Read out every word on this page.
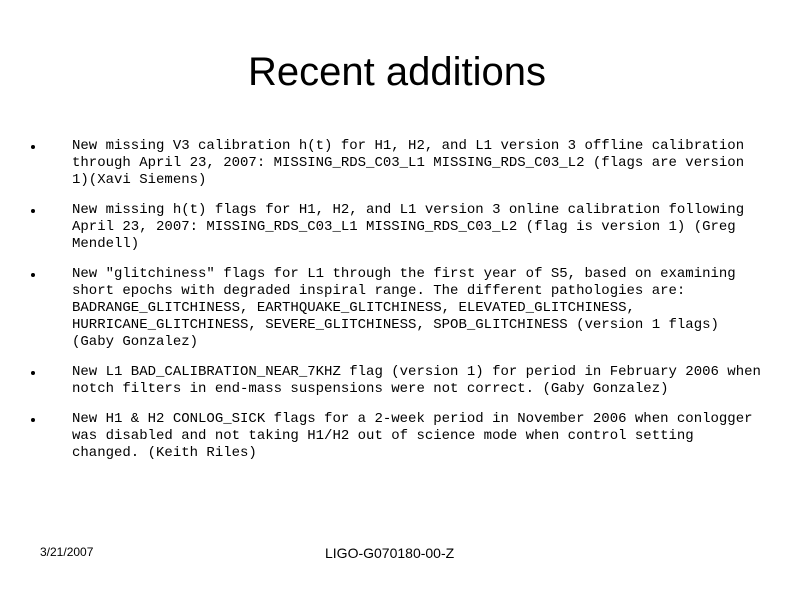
Recent additions
New missing V3 calibration h(t) for H1, H2, and L1 version 3 offline calibration through April 23, 2007: MISSING_RDS_C03_L1 MISSING_RDS_C03_L2 (flags are version 1)(Xavi Siemens)
New missing h(t) flags for H1, H2, and L1 version 3 online calibration following April 23, 2007: MISSING_RDS_C03_L1 MISSING_RDS_C03_L2 (flag is version 1) (Greg Mendell)
New "glitchiness" flags for L1 through the first year of S5, based on examining short epochs with degraded inspiral range. The different pathologies are: BADRANGE_GLITCHINESS, EARTHQUAKE_GLITCHINESS, ELEVATED_GLITCHINESS, HURRICANE_GLITCHINESS, SEVERE_GLITCHINESS, SPOB_GLITCHINESS (version 1 flags) (Gaby Gonzalez)
New L1 BAD_CALIBRATION_NEAR_7KHZ flag (version 1) for period in February 2006 when notch filters in end-mass suspensions were not correct. (Gaby Gonzalez)
New H1 & H2 CONLOG_SICK flags for a 2-week period in November 2006 when conlogger was disabled and not taking H1/H2 out of science mode when control setting changed. (Keith Riles)
3/21/2007	LIGO-G070180-00-Z
